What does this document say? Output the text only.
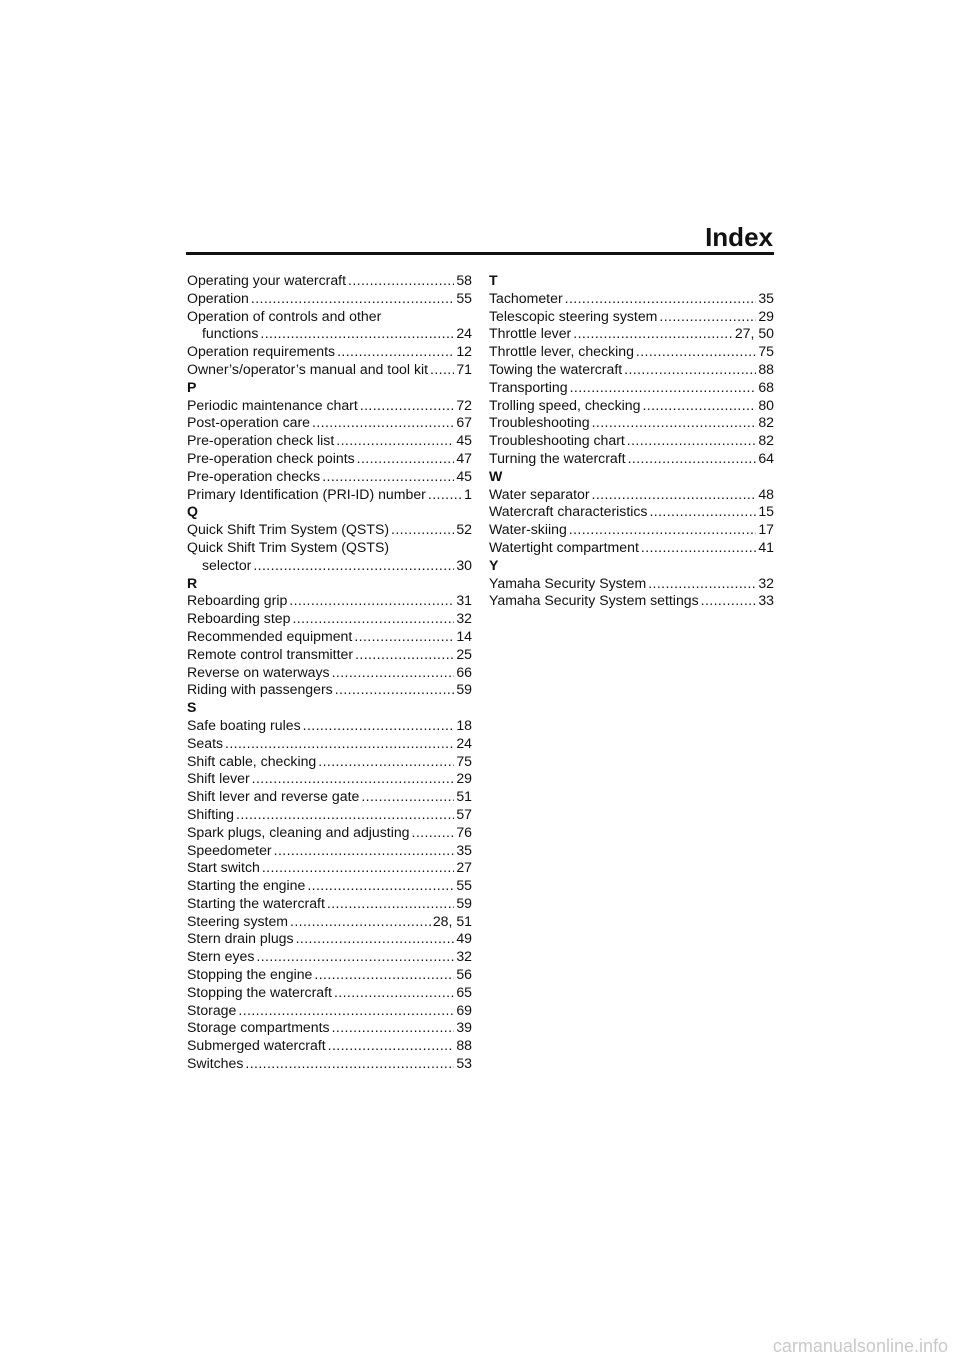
Index
Operating your watercraft .....	58
Operation .....	55
Operation of controls and other
functions .....	24
Operation requirements .....	12
Owner’s/operator’s manual and tool kit ..... 71
P
Periodic maintenance chart .....	72
Post-operation care .....	67
Pre-operation check list .....	45
Pre-operation check points .....	47
Pre-operation checks .....	45
Primary Identification (PRI-ID) number .....	1
Q
Quick Shift Trim System (QSTS) .....	52
Quick Shift Trim System (QSTS)
selector .....	30
R
Reboarding grip .....	31
Reboarding step .....	32
Recommended equipment .....	14
Remote control transmitter .....	25
Reverse on waterways .....	66
Riding with passengers .....	59
S
Safe boating rules .....	18
Seats .....	24
Shift cable, checking .....	75
Shift lever .....	29
Shift lever and reverse gate .....	51
Shifting .....	57
Spark plugs, cleaning and adjusting .....	76
Speedometer .....	35
Start switch .....	27
Starting the engine .....	55
Starting the watercraft .....	59
Steering system .....	28, 51
Stern drain plugs .....	49
Stern eyes .....	32
Stopping the engine .....	56
Stopping the watercraft .....	65
Storage .....	69
Storage compartments .....	39
Submerged watercraft .....	88
Switches .....	53
T
Tachometer .....	35
Telescopic steering system .....	29
Throttle lever .....	27, 50
Throttle lever, checking .....	75
Towing the watercraft .....	88
Transporting .....	68
Trolling speed, checking .....	80
Troubleshooting .....	82
Troubleshooting chart .....	82
Turning the watercraft .....	64
W
Water separator .....	48
Watercraft characteristics .....	15
Water-skiing .....	17
Watertight compartment .....	41
Y
Yamaha Security System .....	32
Yamaha Security System settings .....	33
carmanualsonline.info
